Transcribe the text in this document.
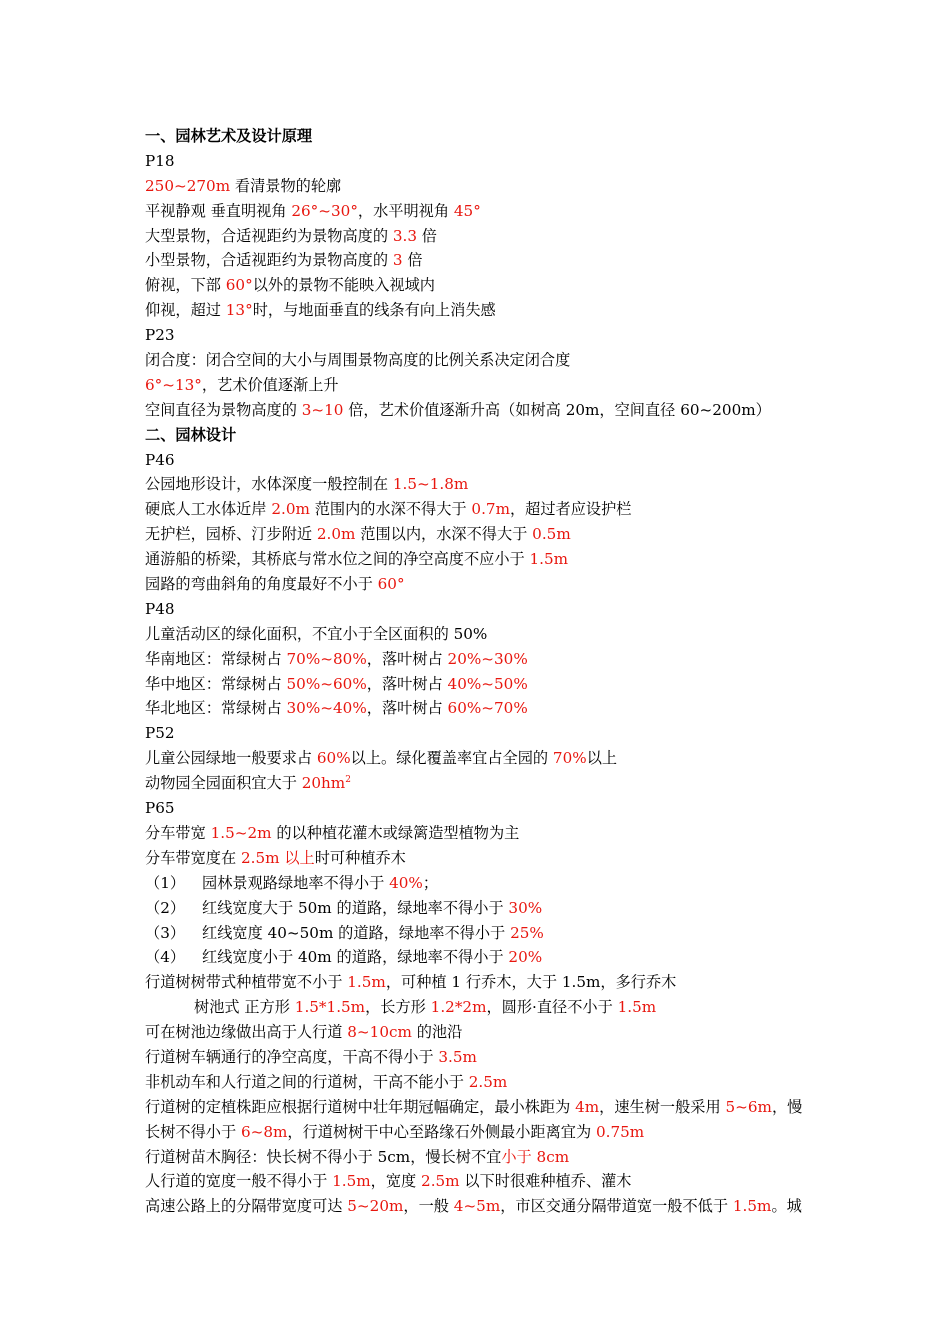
一、园林艺术及设计原理
P18
250~270m 看清景物的轮廓
平视静观 垂直明视角 26°~30°，水平明视角 45°
大型景物，合适视距约为景物高度的 3.3 倍
小型景物，合适视距约为景物高度的 3 倍
俯视，下部 60°以外的景物不能映入视域内
仰视，超过 13°时，与地面垂直的线条有向上消失感
P23
闭合度：闭合空间的大小与周围景物高度的比例关系决定闭合度
6°~13°，艺术价值逐渐上升
空间直径为景物高度的 3~10 倍，艺术价值逐渐升高（如树高 20m，空间直径 60~200m）
二、园林设计
P46
公园地形设计，水体深度一般控制在 1.5~1.8m
硬底人工水体近岸 2.0m 范围内的水深不得大于 0.7m，超过者应设护栏
无护栏，园桥、汀步附近 2.0m 范围以内，水深不得大于 0.5m
通游船的桥梁，其桥底与常水位之间的净空高度不应小于 1.5m
园路的弯曲斜角的角度最好不小于 60°
P48
儿童活动区的绿化面积，不宜小于全区面积的 50%
华南地区：常绿树占 70%~80%，落叶树占 20%~30%
华中地区：常绿树占 50%~60%，落叶树占 40%~50%
华北地区：常绿树占 30%~40%，落叶树占 60%~70%
P52
儿童公园绿地一般要求占 60%以上。绿化覆盖率宜占全园的 70%以上
动物园全园面积宜大于 $20hm^2$
P65
分车带宽 1.5~2m 的以种植花灌木或绿篱造型植物为主
分车带宽度在 2.5m 以上时可种植乔木
（1） 园林景观路绿地率不得小于 40%；
（2） 红线宽度大于 50m 的道路，绿地率不得小于 30%
（3） 红线宽度 40~50m 的道路，绿地率不得小于 25%
（4） 红线宽度小于 40m 的道路，绿地率不得小于 20%
行道树树带式种植带宽不小于 1.5m，可种植 1 行乔木，大于 1.5m，多行乔木
树池式 正方形 1.5*1.5m，长方形 1.2*2m，圆形·直径不小于 1.5m
可在树池边缘做出高于人行道 8~10cm 的池沿
行道树车辆通行的净空高度，干高不得小于 3.5m
非机动车和人行道之间的行道树，干高不能小于 2.5m
行道树的定植株距应根据行道树中壮年期冠幅确定，最小株距为 4m，速生树一般采用 5~6m，慢长树不得小于 6~8m，行道树树干中心至路缘石外侧最小距离宜为 0.75m
行道树苗木胸径：快长树不得小于 5cm，慢长树不宜小于 8cm
人行道的宽度一般不得小于 1.5m，宽度 2.5m 以下时很难种植乔、灌木
高速公路上的分隔带宽度可达 5~20m，一般 4~5m，市区交通分隔带道宽一般不低于 1.5m。城
